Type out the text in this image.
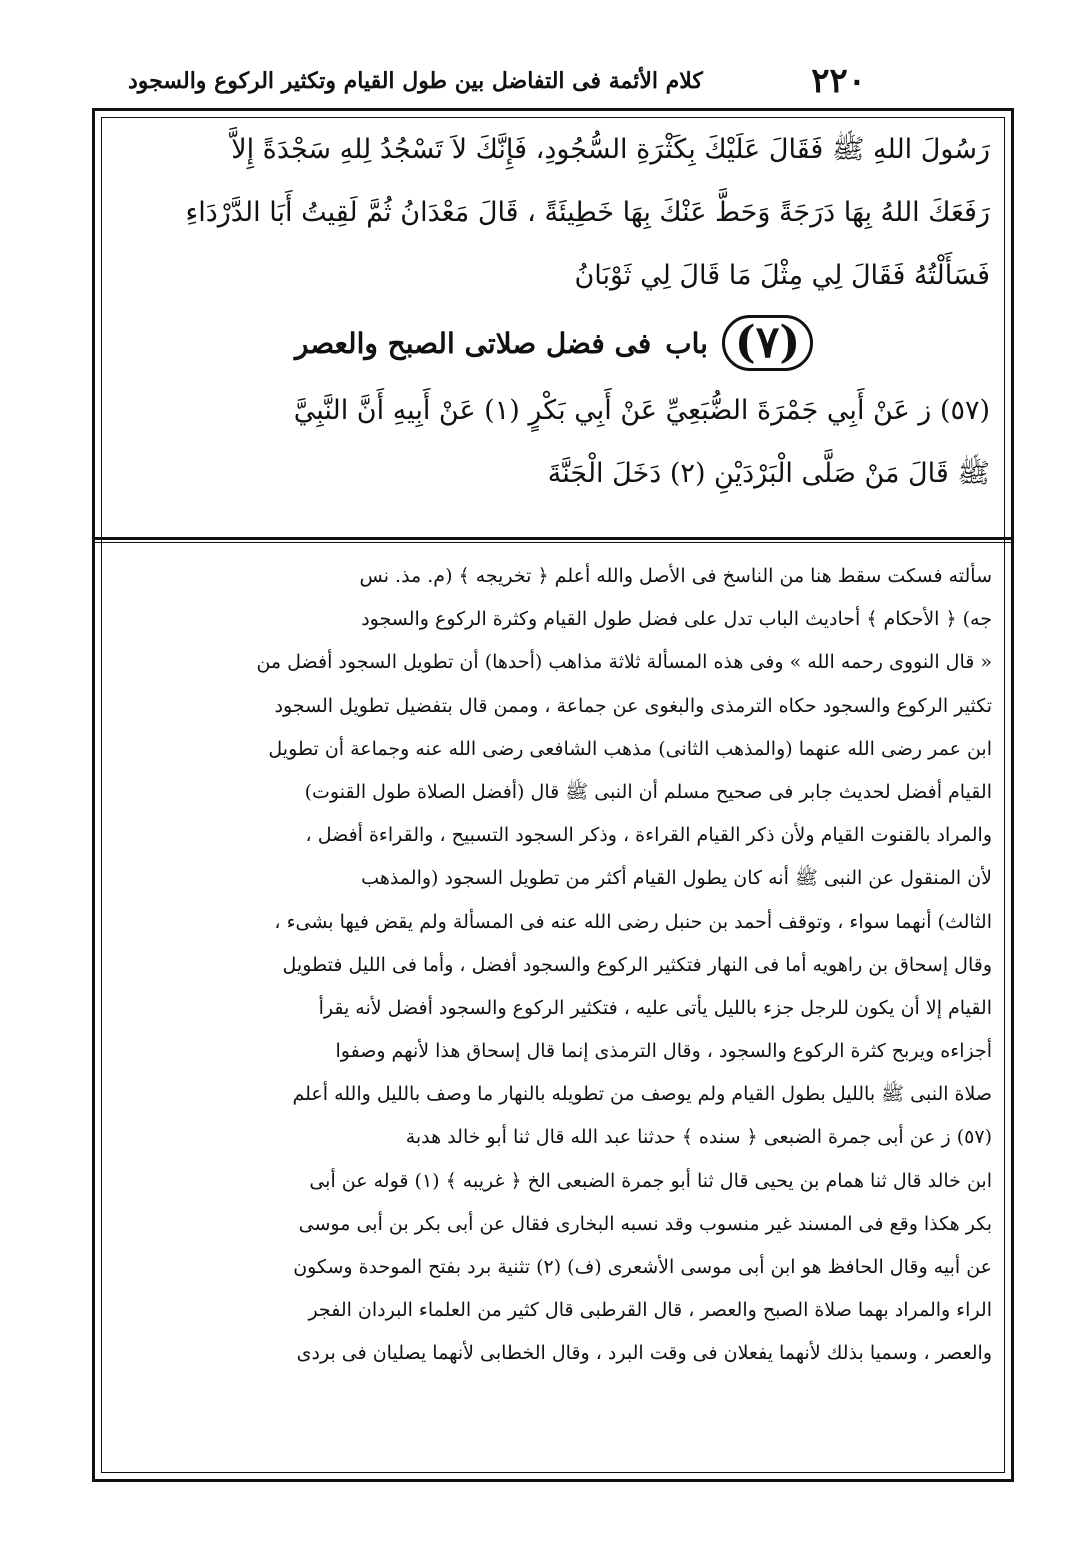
٢٢٠
كلام الأئمة فى التفاضل بين طول القيام وتكثير الركوع والسجود
رَسُولَ اللهِ ﷺ فَقَالَ عَلَيْكَ بِكَثْرَةِ السُّجُودِ، فَإِنَّكَ لاَ تَسْجُدُ لِلهِ سَجْدَةً إِلاَّ
رَفَعَكَ اللهُ بِهَا دَرَجَةً وَحَطَّ عَنْكَ بِهَا خَطِيئَةً ، قَالَ مَعْدَانُ ثُمَّ لَقِيتُ أَبَا الدَّرْدَاءِ
فَسَأَلْتُهُ فَقَالَ لِي مِثْلَ مَا قَالَ لِي ثَوْبَانُ
(٧)
باب
فى فضل صلاتى الصبح والعصر
(٥٧) ز عَنْ أَبِي جَمْرَةَ الضُّبَعِيِّ عَنْ أَبِي بَكْرٍ (١) عَنْ أَبِيهِ أَنَّ النَّبِيَّ
ﷺ قَالَ مَنْ صَلَّى الْبَرْدَيْنِ (٢) دَخَلَ الْجَنَّةَ
سألته فسكت سقط هنا من الناسخ فى الأصل والله أعلم ﴿ تخريجه ﴾ (م. مذ. نس
جه) ﴿ الأحكام ﴾ أحاديث الباب تدل على فضل طول القيام وكثرة الركوع والسجود
« قال النووى رحمه الله » وفى هذه المسألة ثلاثة مذاهب (أحدها) أن تطويل السجود أفضل من
تكثير الركوع والسجود حكاه الترمذى والبغوى عن جماعة ، وممن قال بتفضيل تطويل السجود
ابن عمر رضى الله عنهما (والمذهب الثانى) مذهب الشافعى رضى الله عنه وجماعة أن تطويل
القيام أفضل لحديث جابر فى صحيح مسلم أن النبى ﷺ قال (أفضل الصلاة طول القنوت)
والمراد بالقنوت القيام ولأن ذكر القيام القراءة ، وذكر السجود التسبيح ، والقراءة أفضل ،
لأن المنقول عن النبى ﷺ أنه كان يطول القيام أكثر من تطويل السجود (والمذهب
الثالث) أنهما سواء ، وتوقف أحمد بن حنبل رضى الله عنه فى المسألة ولم يقض فيها بشىء ،
وقال إسحاق بن راهويه أما فى النهار فتكثير الركوع والسجود أفضل ، وأما فى الليل فتطويل
القيام إلا أن يكون للرجل جزء بالليل يأتى عليه ، فتكثير الركوع والسجود أفضل لأنه يقرأ
أجزاءه ويربح كثرة الركوع والسجود ، وقال الترمذى إنما قال إسحاق هذا لأنهم وصفوا
صلاة النبى ﷺ بالليل بطول القيام ولم يوصف من تطويله بالنهار ما وصف بالليل والله أعلم
(٥٧) ز عن أبى جمرة الضبعى ﴿ سنده ﴾ حدثنا عبد الله قال ثنا أبو خالد هدبة
ابن خالد قال ثنا همام بن يحيى قال ثنا أبو جمرة الضبعى الخ ﴿ غريبه ﴾ (١) قوله عن أبى
بكر هكذا وقع فى المسند غير منسوب وقد نسبه البخارى فقال عن أبى بكر بن أبى موسى
عن أبيه وقال الحافظ هو ابن أبى موسى الأشعرى (ف) (٢) تثنية برد بفتح الموحدة وسكون
الراء والمراد بهما صلاة الصبح والعصر ، قال القرطبى قال كثير من العلماء البردان الفجر
والعصر ، وسميا بذلك لأنهما يفعلان فى وقت البرد ، وقال الخطابى لأنهما يصليان فى بردى
